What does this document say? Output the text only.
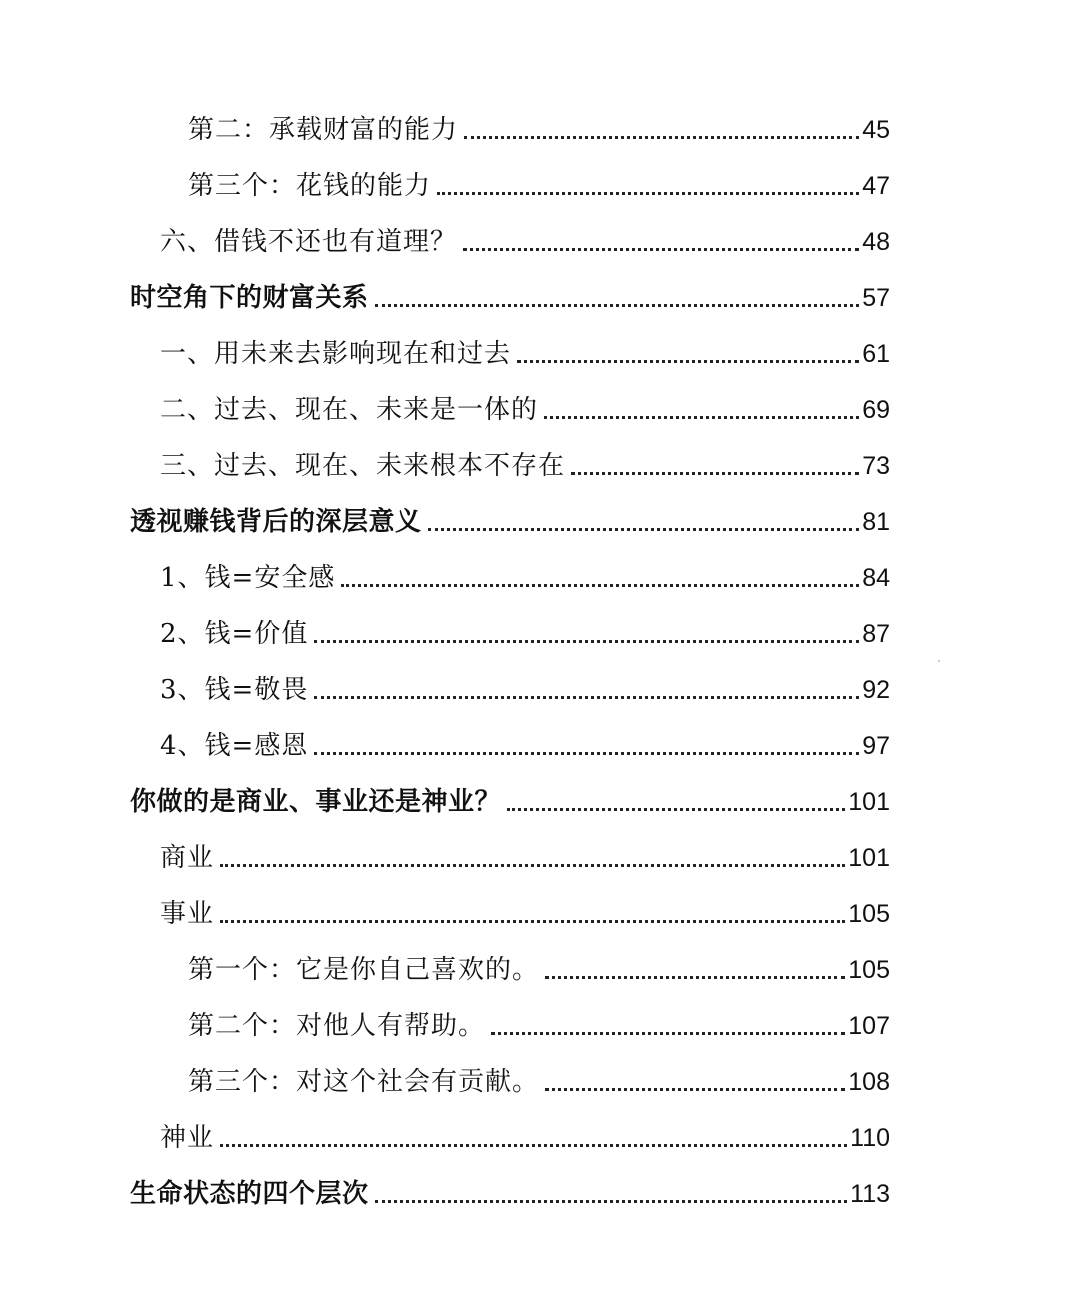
第二：承载财富的能力	45
第三个：花钱的能力	47
六、借钱不还也有道理？	48
时空角下的财富关系	57
一、用未来去影响现在和过去	61
二、过去、现在、未来是一体的	69
三、过去、现在、未来根本不存在	73
透视赚钱背后的深层意义	81
1、钱=安全感	84
2、钱=价值	87
3、钱=敬畏	92
4、钱=感恩	97
你做的是商业、事业还是神业？	101
商业	101
事业	105
第一个：它是你自己喜欢的。	105
第二个：对他人有帮助。	107
第三个：对这个社会有贡献。	108
神业	110
生命状态的四个层次	113
